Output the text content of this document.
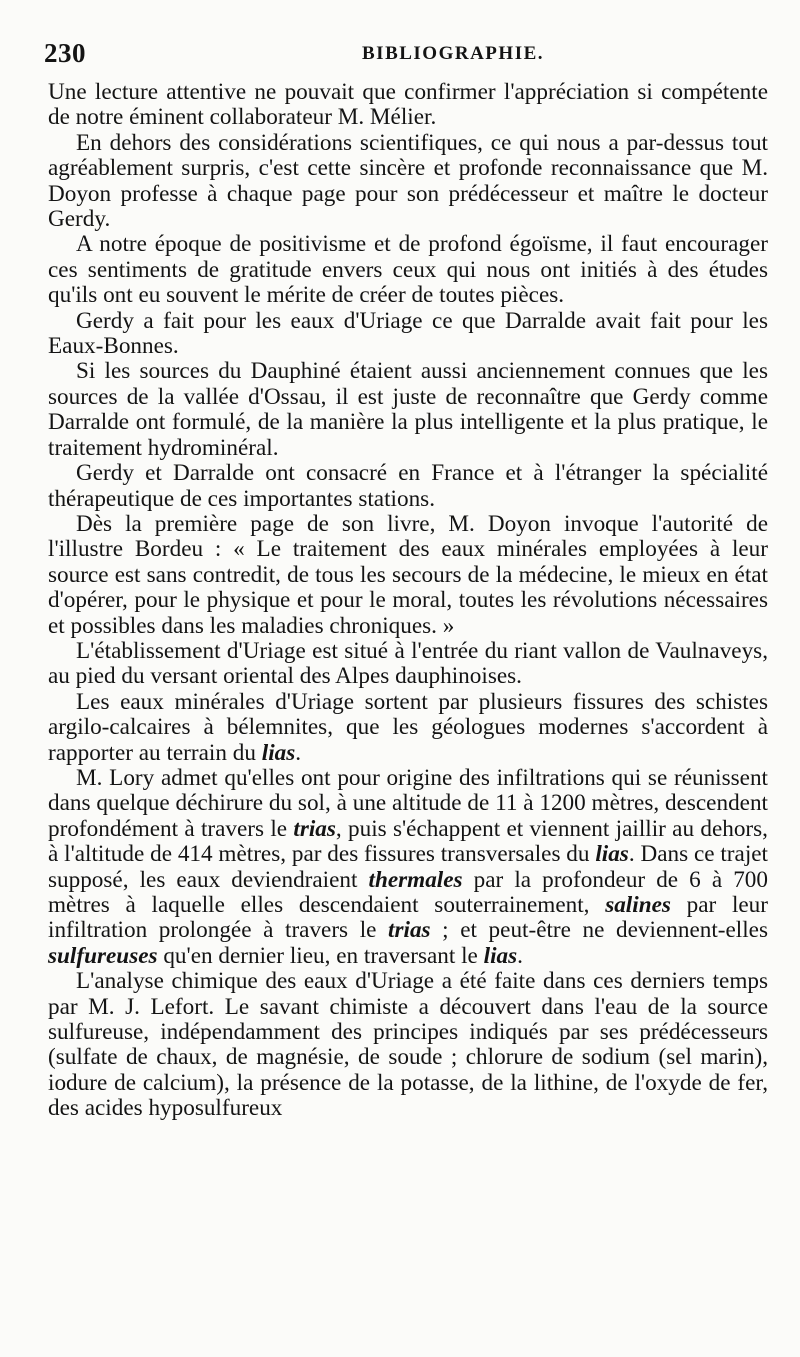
230	BIBLIOGRAPHIE.

Une lecture attentive ne pouvait que confirmer l'appréciation si compétente de notre éminent collaborateur M. Mélier.

En dehors des considérations scientifiques, ce qui nous a par-dessus tout agréablement surpris, c'est cette sincère et profonde reconnaissance que M. Doyon professe à chaque page pour son prédécesseur et maître le docteur Gerdy.

A notre époque de positivisme et de profond égoïsme, il faut encourager ces sentiments de gratitude envers ceux qui nous ont initiés à des études qu'ils ont eu souvent le mérite de créer de toutes pièces.

Gerdy a fait pour les eaux d'Uriage ce que Darralde avait fait pour les Eaux-Bonnes.

Si les sources du Dauphiné étaient aussi anciennement connues que les sources de la vallée d'Ossau, il est juste de reconnaître que Gerdy comme Darralde ont formulé, de la manière la plus intelligente et la plus pratique, le traitement hydrominéral.

Gerdy et Darralde ont consacré en France et à l'étranger la spécialité thérapeutique de ces importantes stations.

Dès la première page de son livre, M. Doyon invoque l'autorité de l'illustre Bordeu : « Le traitement des eaux minérales employées à leur source est sans contredit, de tous les secours de la médecine, le mieux en état d'opérer, pour le physique et pour le moral, toutes les révolutions nécessaires et possibles dans les maladies chroniques. »

L'établissement d'Uriage est situé à l'entrée du riant vallon de Vaulnaveys, au pied du versant oriental des Alpes dauphinoises.

Les eaux minérales d'Uriage sortent par plusieurs fissures des schistes argilo-calcaires à bélemnites, que les géologues modernes s'accordent à rapporter au terrain du lias.

M. Lory admet qu'elles ont pour origine des infiltrations qui se réunissent dans quelque déchirure du sol, à une altitude de 11 à 1200 mètres, descendent profondément à travers le trias, puis s'échappent et viennent jaillir au dehors, à l'altitude de 414 mètres, par des fissures transversales du lias. Dans ce trajet supposé, les eaux deviendraient thermales par la profondeur de 6 à 700 mètres à laquelle elles descendaient souterrainement, salines par leur infiltration prolongée à travers le trias ; et peut-être ne deviennent-elles sulfureuses qu'en dernier lieu, en traversant le lias.

L'analyse chimique des eaux d'Uriage a été faite dans ces derniers temps par M. J. Lefort. Le savant chimiste a découvert dans l'eau de la source sulfureuse, indépendamment des principes indiqués par ses prédécesseurs (sulfate de chaux, de magnésie, de soude ; chlorure de sodium (sel marin), iodure de calcium), la présence de la potasse, de la lithine, de l'oxyde de fer, des acides hyposulfureux
